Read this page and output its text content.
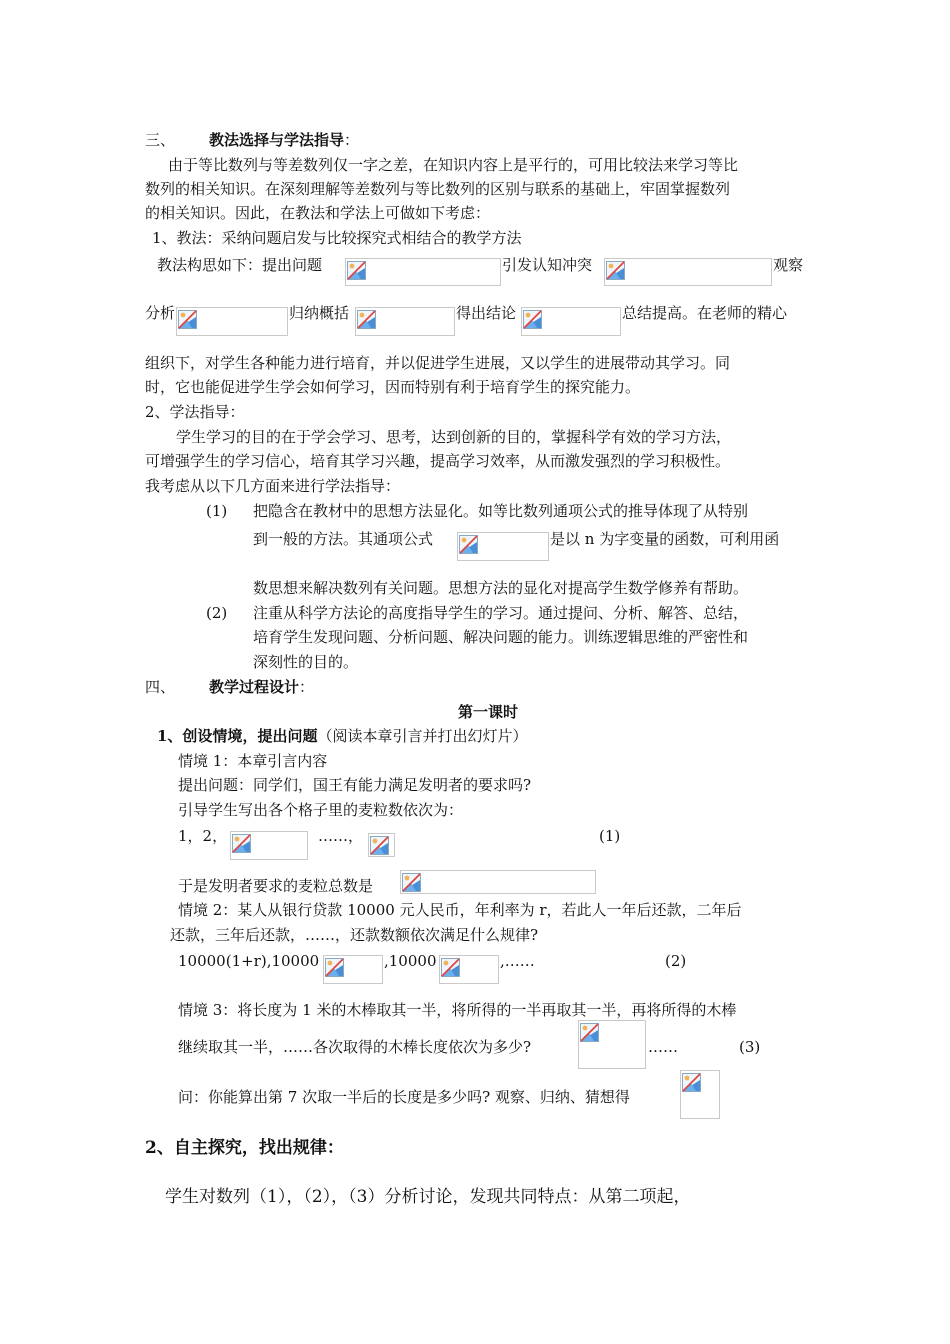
三、 教法选择与学法指导：
由于等比数列与等差数列仅一字之差，在知识内容上是平行的，可用比较法来学习等比
数列的相关知识。在深刻理解等差数列与等比数列的区别与联系的基础上，牢固掌握数列
的相关知识。因此，在教法和学法上可做如下考虑：
1、教法：采纳问题启发与比较探究式相结合的教学方法
教法构思如下：提出问题	引发认知冲突	观察
分析	归纳概括	得出结论	总结提高。在老师的精心
组织下，对学生各种能力进行培育，并以促进学生进展，又以学生的进展带动其学习。同
时，它也能促进学生学会如何学习，因而特别有利于培育学生的探究能力。
2、学法指导：
学生学习的目的在于学会学习、思考，达到创新的目的，掌握科学有效的学习方法，
可增强学生的学习信心，培育其学习兴趣，提高学习效率，从而激发强烈的学习积极性。
我考虑从以下几方面来进行学法指导：
(1) 把隐含在教材中的思想方法显化。如等比数列通项公式的推导体现了从特别
到一般的方法。其通项公式	是以 n 为字变量的函数，可利用函
数思想来解决数列有关问题。思想方法的显化对提高学生数学修养有帮助。
(2) 注重从科学方法论的高度指导学生的学习。通过提问、分析、解答、总结，
培育学生发现问题、分析问题、解决问题的能力。训练逻辑思维的严密性和
深刻性的目的。
四、 教学过程设计：
第一课时
1、创设情境，提出问题（阅读本章引言并打出幻灯片）
情境 1：本章引言内容
提出问题：同学们，国王有能力满足发明者的要求吗?
引导学生写出各个格子里的麦粒数依次为：
1，2，	……，	(1)
于是发明者要求的麦粒总数是
情境 2：某人从银行贷款 10000 元人民币，年利率为 r，若此人一年后还款，二年后
还款，三年后还款，……，还款数额依次满足什么规律?
10000(1+r),10000	,10000	,……	(2)
情境 3：将长度为 1 米的木棒取其一半，将所得的一半再取其一半，再将所得的木棒
继续取其一半，……各次取得的木棒长度依次为多少?	……	(3)
问：你能算出第 7 次取一半后的长度是多少吗? 观察、归纳、猜想得
2、自主探究，找出规律：
学生对数列（1），（2），（3）分析讨论，发现共同特点：从第二项起，
